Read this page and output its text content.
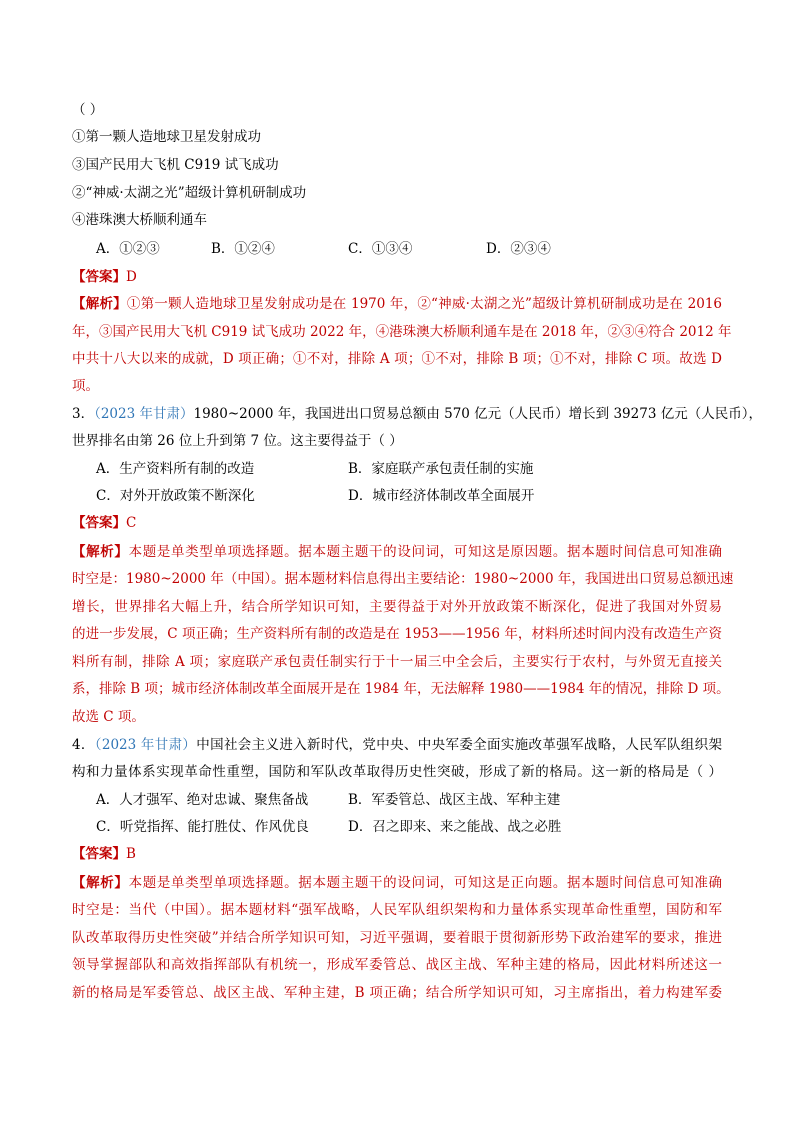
（ ）
①第一颗人造地球卫星发射成功
③国产民用大飞机 C919 试飞成功
②“神威·太湖之光”超级计算机研制成功
④港珠澳大桥顺利通车
A．①②③	B．①②④	C．①③④	D．②③④
【答案】D
【解析】①第一颗人造地球卫星发射成功是在 1970 年，②“神威·太湖之光”超级计算机研制成功是在 2016
年，③国产民用大飞机 C919 试飞成功 2022 年，④港珠澳大桥顺利通车是在 2018 年，②③④符合 2012 年
中共十八大以来的成就，D 项正确；①不对，排除 A 项；①不对，排除 B 项；①不对，排除 C 项。故选 D
项。
3．（2023 年甘肃）1980~2000 年，我国进出口贸易总额由 570 亿元（人民币）增长到 39273 亿元（人民币），
世界排名由第 26 位上升到第 7 位。这主要得益于（ ）
A．生产资料所有制的改造	B．家庭联产承包责任制的实施
C．对外开放政策不断深化	D．城市经济体制改革全面展开
【答案】C
【解析】本题是单类型单项选择题。据本题主题干的设问词，可知这是原因题。据本题时间信息可知准确
时空是：1980~2000 年（中国）。据本题材料信息得出主要结论：1980~2000 年，我国进出口贸易总额迅速
增长，世界排名大幅上升，结合所学知识可知，主要得益于对外开放政策不断深化，促进了我国对外贸易
的进一步发展，C 项正确；生产资料所有制的改造是在 1953——1956 年，材料所述时间内没有改造生产资
料所有制，排除 A 项；家庭联产承包责任制实行于十一届三中全会后，主要实行于农村，与外贸无直接关
系，排除 B 项；城市经济体制改革全面展开是在 1984 年，无法解释 1980——1984 年的情况，排除 D 项。
故选 C 项。
4．（2023 年甘肃）中国社会主义进入新时代，党中央、中央军委全面实施改革强军战略，人民军队组织架
构和力量体系实现革命性重塑，国防和军队改革取得历史性突破，形成了新的格局。这一新的格局是（ ）
A．人才强军、绝对忠诚、聚焦备战	B．军委管总、战区主战、军种主建
C．听党指挥、能打胜仗、作风优良	D．召之即来、来之能战、战之必胜
【答案】B
【解析】本题是单类型单项选择题。据本题主题干的设问词，可知这是正向题。据本题时间信息可知准确
时空是：当代（中国）。据本题材料“强军战略，人民军队组织架构和力量体系实现革命性重塑，国防和军
队改革取得历史性突破”并结合所学知识可知，习近平强调，要着眼于贯彻新形势下政治建军的要求，推进
领导掌握部队和高效指挥部队有机统一，形成军委管总、战区主战、军种主建的格局，因此材料所述这一
新的格局是军委管总、战区主战、军种主建，B 项正确；结合所学知识可知，习主席指出，着力构建军委
